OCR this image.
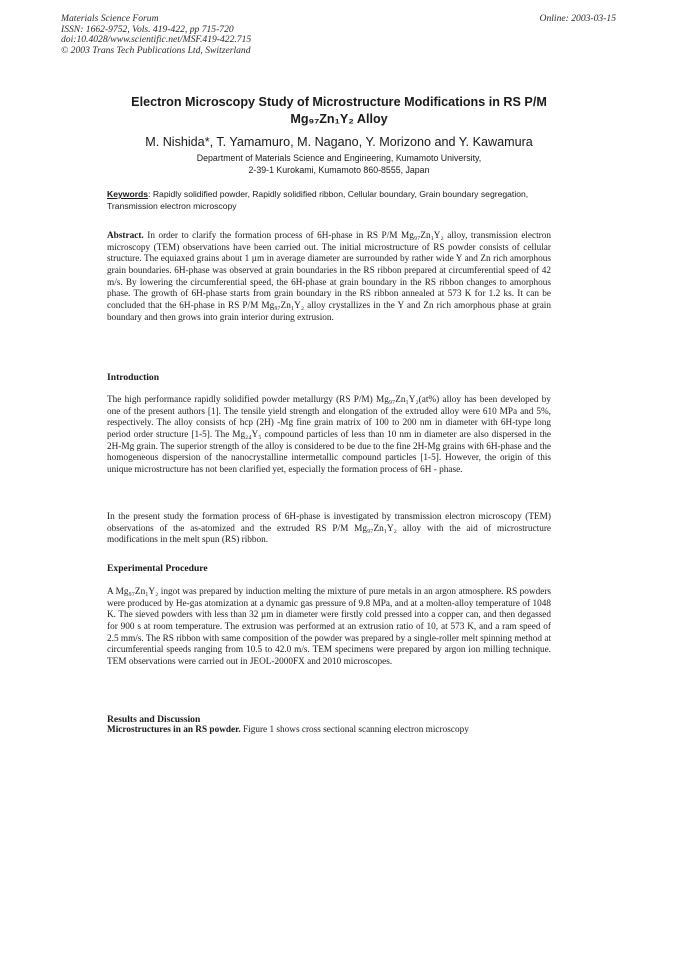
Materials Science Forum
ISSN: 1662-9752, Vols. 419-422, pp 715-720
doi:10.4028/www.scientific.net/MSF.419-422.715
© 2003 Trans Tech Publications Ltd, Switzerland
Online: 2003-03-15
Electron Microscopy Study of Microstructure Modifications in RS P/M
Mg₉₇Zn₁Y₂ Alloy
M. Nishida*, T. Yamamuro, M. Nagano, Y. Morizono and Y. Kawamura
Department of Materials Science and Engineering, Kumamoto University,
2-39-1 Kurokami, Kumamoto 860-8555, Japan
Keywords: Rapidly solidified powder, Rapidly solidified ribbon, Cellular boundary, Grain boundary segregation, Transmission electron microscopy
Abstract. In order to clarify the formation process of 6H-phase in RS P/M Mg₉₇Zn₁Y₂ alloy, transmission electron microscopy (TEM) observations have been carried out. The initial microstructure of RS powder consists of cellular structure. The equiaxed grains about 1 µm in average diameter are surrounded by rather wide Y and Zn rich amorphous grain boundaries. 6H-phase was observed at grain boundaries in the RS ribbon prepared at circumferential speed of 42 m/s. By lowering the circumferential speed, the 6H-phase at grain boundary in the RS ribbon changes to amorphous phase. The growth of 6H-phase starts from grain boundary in the RS ribbon annealed at 573 K for 1.2 ks. It can be concluded that the 6H-phase in RS P/M Mg₉₇Zn₁Y₂ alloy crystallizes in the Y and Zn rich amorphous phase at grain boundary and then grows into grain interior during extrusion.
Introduction
The high performance rapidly solidified powder metallurgy (RS P/M) Mg₉₇Zn₁Y₂(at%) alloy has been developed by one of the present authors [1]. The tensile yield strength and elongation of the extruded alloy were 610 MPa and 5%, respectively. The alloy consists of hcp (2H) -Mg fine grain matrix of 100 to 200 nm in diameter with 6H-type long period order structure [1-5]. The Mg₂₄Y₅ compound particles of less than 10 nm in diameter are also dispersed in the 2H-Mg grain. The superior strength of the alloy is considered to be due to the fine 2H-Mg grains with 6H-phase and the homogeneous dispersion of the nanocrystalline intermetallic compound particles [1-5]. However, the origin of this unique microstructure has not been clarified yet, especially the formation process of 6H - phase.
In the present study the formation process of 6H-phase is investigated by transmission electron microscopy (TEM) observations of the as-atomized and the extruded RS P/M Mg₉₇Zn₁Y₂ alloy with the aid of microstructure modifications in the melt spun (RS) ribbon.
Experimental Procedure
A Mg₉₇Zn₁Y₂ ingot was prepared by induction melting the mixture of pure metals in an argon atmosphere. RS powders were produced by He-gas atomization at a dynamic gas pressure of 9.8 MPa, and at a molten-alloy temperature of 1048 K. The sieved powders with less than 32 µm in diameter were firstly cold pressed into a copper can, and then degassed for 900 s at room temperature. The extrusion was performed at an extrusion ratio of 10, at 573 K, and a ram speed of 2.5 mm/s. The RS ribbon with same composition of the powder was prepared by a single-roller melt spinning method at circumferential speeds ranging from 10.5 to 42.0 m/s. TEM specimens were prepared by argon ion milling technique. TEM observations were carried out in JEOL-2000FX and 2010 microscopes.
Results and Discussion
Microstructures in an RS powder. Figure 1 shows cross sectional scanning electron microscopy
